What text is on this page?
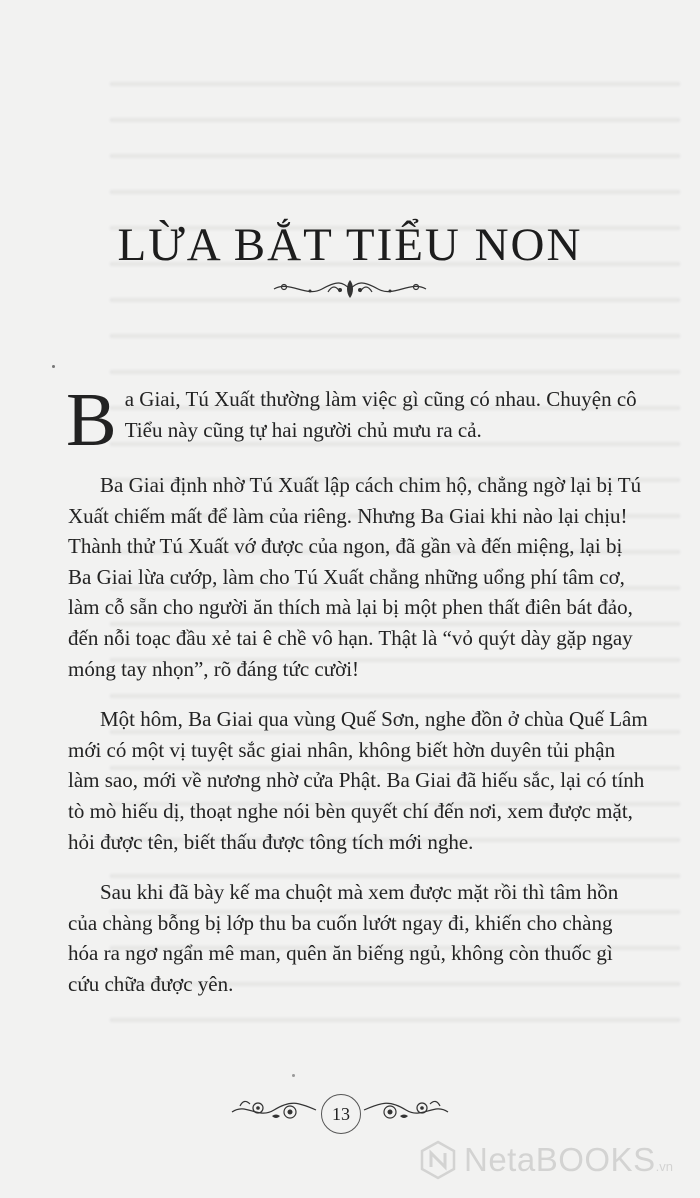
LỪA BẮT TIỂU NON

Ba Giai, Tú Xuất thường làm việc gì cũng có nhau. Chuyện cô Tiểu này cũng tự hai người chủ mưu ra cả.

Ba Giai định nhờ Tú Xuất lập cách chim hộ, chẳng ngờ lại bị Tú Xuất chiếm mất để làm của riêng. Nhưng Ba Giai khi nào lại chịu! Thành thử Tú Xuất vớ được của ngon, đã gần và đến miệng, lại bị Ba Giai lừa cướp, làm cho Tú Xuất chẳng những uổng phí tâm cơ, làm cỗ sẵn cho người ăn thích mà lại bị một phen thất điên bát đảo, đến nỗi toạc đầu xẻ tai ê chề vô hạn. Thật là “vỏ quýt dày gặp ngay móng tay nhọn”, rõ đáng tức cười!

Một hôm, Ba Giai qua vùng Quế Sơn, nghe đồn ở chùa Quế Lâm mới có một vị tuyệt sắc giai nhân, không biết hờn duyên tủi phận làm sao, mới về nương nhờ cửa Phật. Ba Giai đã hiếu sắc, lại có tính tò mò hiếu dị, thoạt nghe nói bèn quyết chí đến nơi, xem được mặt, hỏi được tên, biết thấu được tông tích mới nghe.

Sau khi đã bày kế ma chuột mà xem được mặt rồi thì tâm hồn của chàng bỗng bị lớp thu ba cuốn lướt ngay đi, khiến cho chàng hóa ra ngơ ngẩn mê man, quên ăn biếng ngủ, không còn thuốc gì cứu chữa được yên.

13
NetaBOOKS .vn
